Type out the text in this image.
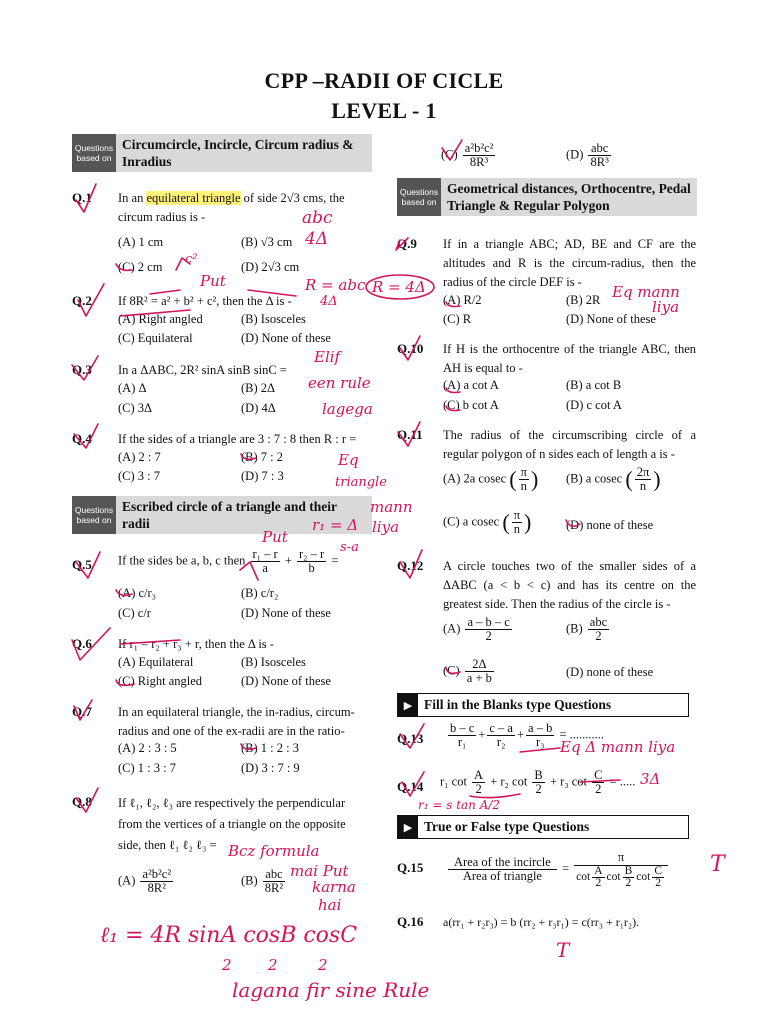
CPP –RADII OF CICLE
LEVEL - 1
Questions based on
Circumcircle, Incircle, Circum radius & Inradius
Q.1 In an equilateral triangle of side 2√3 cms, the circum radius is -
(A) 1 cm	(B) √3 cm
(C) 2 cm	(D) 2√3 cm
Q.2 If 8R² = a² + b² + c², then the Δ is -
(A) Right angled	(B) Isosceles
(C) Equilateral	(D) None of these
Q.3 In a ΔABC, 2R² sinA sinB sinC =
(A) Δ	(B) 2Δ
(C) 3Δ	(D) 4Δ
Q.4 If the sides of a triangle are 3 : 7 : 8 then R : r =
(A) 2 : 7	(B) 7 : 2
(C) 3 : 7	(D) 7 : 3
Questions based on
Escribed circle of a triangle and their radii
Q.5 If the sides be a, b, c then $\frac{\text{r₁ – r}}{a} + \frac{\text{r₂ – r}}{b}$ =
(A) c/r₃	(B) c/r₂
(C) c/r	(D) None of these
Q.6 If r₁ = r₂ + r₃ + r, then the Δ is -
(A) Equilateral	(B) Isosceles
(C) Right angled	(D) None of these
Q.7 In an equilateral triangle, the in-radius, circum-radius and one of the ex-radii are in the ratio-
(A) 2 : 3 : 5	(B) 1 : 2 : 3
(C) 1 : 3 : 7	(D) 3 : 7 : 9
Q.8 If ℓ₁, ℓ₂, ℓ₃ are respectively the perpendicular from the vertices of a triangle on the opposite side, then ℓ₁ ℓ₂ ℓ₃ =
$(A) \frac{\text{a²b²c²}}{\text{8R²}}$	$(B) \frac{\text{abc}}{\text{8R²}}$
$(C) \frac{\text{a²b²c²}}{\text{8R³}}$	$(D) \frac{\text{abc}}{\text{8R³}}$
Questions based on
Geometrical distances, Orthocentre, Pedal Triangle & Regular Polygon
Q.9 If in a triangle ABC; AD, BE and CF are the altitudes and R is the circum-radius, then the radius of the circle DEF is -
(A) R/2	(B) 2R
(C) R	(D) None of these
Q.10 If H is the orthocentre of the triangle ABC, then AH is equal to -
(A) a cot A	(B) a cot B
(C) b cot A	(D) c cot A
Q.11 The radius of the circumscribing circle of a regular polygon of n sides each of length a is -
(A) 2a cosec ( $\frac{\pi}{n}$ ) (B) a cosec ( $\frac{2\pi}{n}$ )
(C) a cosec ( $\frac{\pi}{n}$ )	(D) none of these
Q.12 A circle touches two of the smaller sides of a ΔABC (a < b < c) and has its centre on the greatest side. Then the radius of the circle is -
$(A) \frac{a - b - c}{2}$	$(B) \frac{\text{abc}}{2}$
$(C) \frac{2\Delta}{a + b}$	(D) none of these
▶ Fill in the Blanks type Questions
$Q.13 \frac{b - c}{\text{r₁}} + \frac{c - a}{\text{r₂}} + \frac{a - b}{\text{r₃}}$ = ...........
Q.14 r₁ $\cot \frac{A}{2} + r_2$ $\cot \frac{B}{2} + r_3$ $\cot \frac{C}{2}$ = .....
▶ True or False type Questions
$Q.15 \frac{\text{Area of the incircle}}{\text{Area of triangle}} = \frac{\pi}{\cot \frac{A}{2} \cot \frac{B}{2} \cot \frac{C}{2}}$
Q.16 a(rr₁ + r₂r₃) = b (rr₂ + r₃r₁) = c(rr₃ + r₁r₂).
abc
4Δ
c²
Put	R = abc
4Δ
R = 4Δ	Eq mann
liya
Elif
een rule
lagega
Eq
triangle
mann
liya
Put
r₁ = Δ
s-a
Eq Δ mann liya
3Δ
r₁ = s tan A/2
Bcz formula
mai Put
karna
hai
T
T
ℓ₁ = 4R sinA cosB cosC
2 2	2
lagana fir sine Rule
